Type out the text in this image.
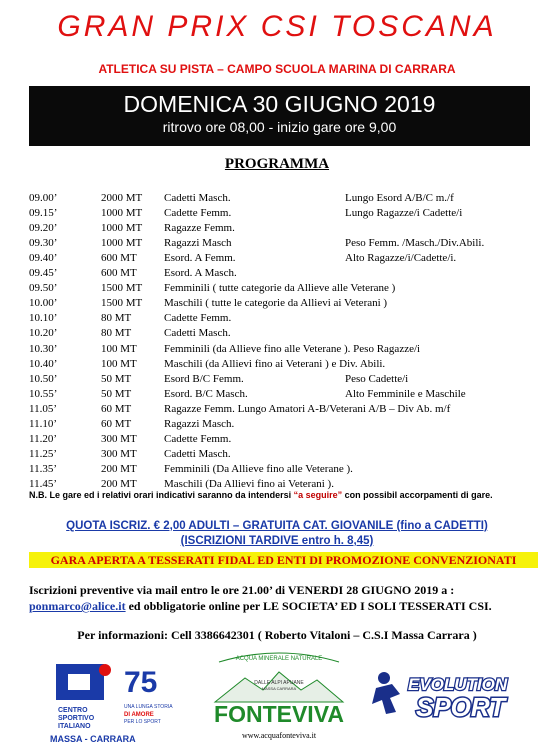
GRAN PRIX CSI TOSCANA
ATLETICA SU PISTA – CAMPO SCUOLA MARINA DI CARRARA
DOMENICA 30 GIUGNO 2019
ritrovo ore 08,00 - inizio gare ore 9,00
PROGRAMMA
09.00’	2000 MT Cadetti Masch.	Lungo Esord A/B/C m./f
09.15’	1000 MT Cadette Femm.	Lungo Ragazze/i Cadette/i
09.20’	1000 MT Ragazze Femm.
09.30’	1000 MT Ragazzi Masch	Peso Femm. /Masch./Div.Abili.
09.40’	600 MT Esord. A Femm.	Alto Ragazze/i/Cadette/i.
09.45’	600 MT Esord. A Masch.
09.50’	1500 MT Femminili ( tutte categorie da Allieve alle Veterane )
10.00’	1500 MT Maschili ( tutte le categorie da Allievi ai Veterani )
10.10’	80 MT	Cadette Femm.
10.20’	80 MT	Cadetti Masch.
10.30’	100 MT Femminili (da Allieve fino alle Veterane ). Peso Ragazze/i
10.40’	100 MT Maschili (da Allievi fino ai Veterani ) e Div. Abili.
10.50’	50 MT	Esord B/C Femm.	Peso Cadette/i
10.55’	50 MT	Esord. B/C Masch.	Alto Femminile e Maschile
11.05’	60 MT	Ragazze Femm. Lungo Amatori A-B/Veterani A/B – Div Ab. m/f
11.10’	60 MT	Ragazzi Masch.
11.20’	300 MT Cadette Femm.
11.25’	300 MT Cadetti Masch.
11.35’	200 MT Femminili (Da Allieve fino alle Veterane ).
11.45’	200 MT Maschili (Da Allievi fino ai Veterani ).
N.B. Le gare ed i relativi orari indicativi saranno da intendersi “a seguire” con possibil accorpamenti di gare.
QUOTA ISCRIZ. € 2,00 ADULTI – GRATUITA CAT. GIOVANILE (fino a CADETTI)
(ISCRIZIONI TARDIVE entro h. 8,45)
GARA APERTA A TESSERATI FIDAL ED ENTI DI PROMOZIONE CONVENZIONATI
Iscrizioni preventive via mail entro le ore 21.00’ di VENERDI 28 GIUGNO 2019 a :
ponmarco@alice.it ed obbligatorie online per LE SOCIETA’ ED I SOLI TESSERATI CSI.
Per informazioni: Cell 3386642301 ( Roberto Vitaloni – C.S.I Massa Carrara )
CENTRO
SPORTIVO
ITALIANO
MASSA - CARRARA
75
UNA LUNGA STORIA
DI AMORE
PER LO SPORT
ACQUA MINERALE NATURALE
DALLE ALPI APUANE
MASSA CARRARA
FONTEVIVA
www.acquafonteviva.it
EVOLUTION
SPORT
